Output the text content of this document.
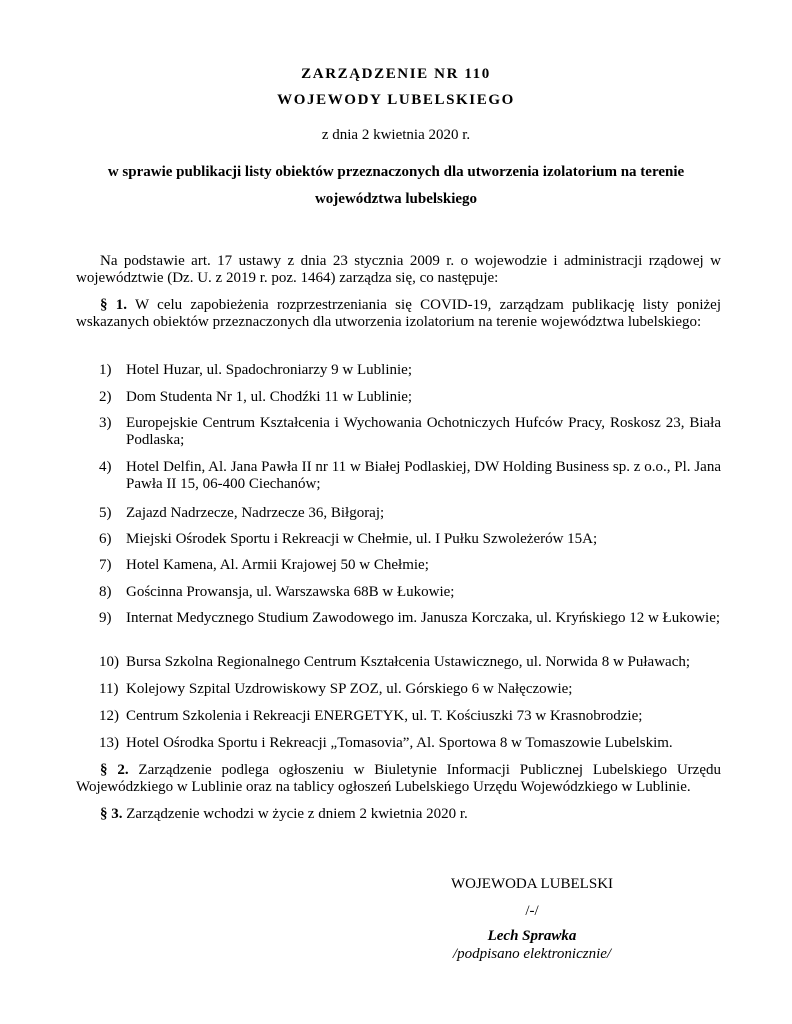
ZARZĄDZENIE NR 110
WOJEWODY LUBELSKIEGO
z dnia 2 kwietnia 2020 r.
w sprawie publikacji listy obiektów przeznaczonych dla utworzenia izolatorium na terenie
województwa lubelskiego
Na podstawie art. 17 ustawy z dnia 23 stycznia 2009 r. o wojewodzie i administracji rządowej w województwie (Dz. U. z 2019 r. poz. 1464) zarządza się, co następuje:
§ 1. W celu zapobieżenia rozprzestrzeniania się COVID-19, zarządzam publikację listy poniżej wskazanych obiektów przeznaczonych dla utworzenia izolatorium na terenie województwa lubelskiego:
1) Hotel Huzar, ul. Spadochroniarzy 9 w Lublinie;
2) Dom Studenta Nr 1, ul. Chodźki 11 w Lublinie;
3) Europejskie Centrum Kształcenia i Wychowania Ochotniczych Hufców Pracy, Roskosz 23, Biała Podlaska;
4) Hotel Delfin, Al. Jana Pawła II nr 11 w Białej Podlaskiej, DW Holding Business sp. z o.o., Pl. Jana Pawła II 15, 06-400 Ciechanów;
5) Zajazd Nadrzecze, Nadrzecze 36, Biłgoraj;
6) Miejski Ośrodek Sportu i Rekreacji w Chełmie, ul. I Pułku Szwoleżerów 15A;
7) Hotel Kamena, Al. Armii Krajowej 50 w Chełmie;
8) Gościnna Prowansja, ul. Warszawska 68B w Łukowie;
9) Internat Medycznego Studium Zawodowego im. Janusza Korczaka, ul. Kryńskiego 12 w Łukowie;
10) Bursa Szkolna Regionalnego Centrum Kształcenia Ustawicznego, ul. Norwida 8 w Puławach;
11) Kolejowy Szpital Uzdrowiskowy SP ZOZ, ul. Górskiego 6 w Nałęczowie;
12) Centrum Szkolenia i Rekreacji ENERGETYK, ul. T. Kościuszki 73 w Krasnobrodzie;
13) Hotel Ośrodka Sportu i Rekreacji „Tomasovia”, Al. Sportowa 8 w Tomaszowie Lubelskim.
§ 2. Zarządzenie podlega ogłoszeniu w Biuletynie Informacji Publicznej Lubelskiego Urzędu Wojewódzkiego w Lublinie oraz na tablicy ogłoszeń Lubelskiego Urzędu Wojewódzkiego w Lublinie.
§ 3. Zarządzenie wchodzi w życie z dniem 2 kwietnia 2020 r.
WOJEWODA LUBELSKI
/-/
Lech Sprawka
/podpisano elektronicznie/
